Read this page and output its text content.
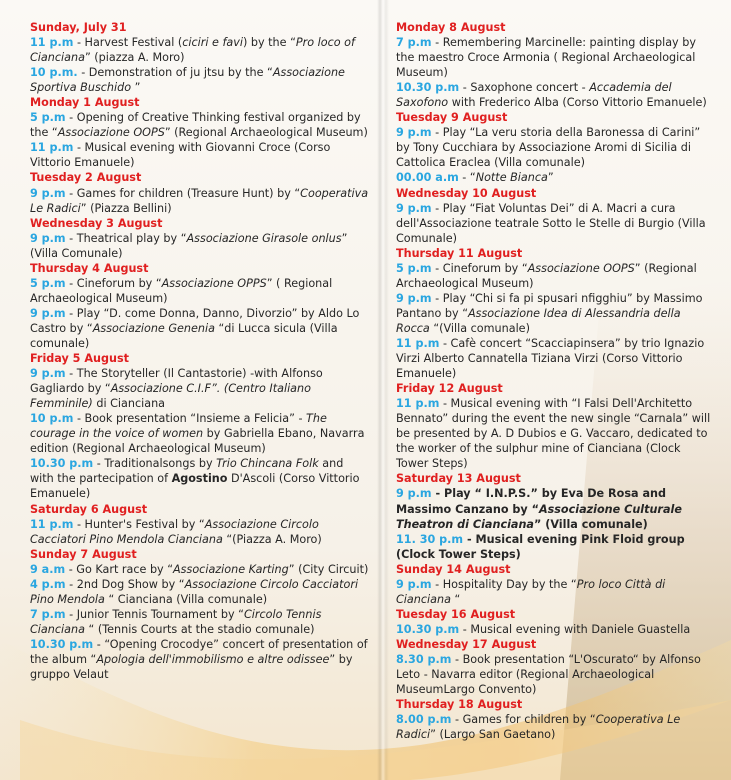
Sunday, July 31

11 p.m - Harvest Festival (ciciri e favi) by the “Pro loco of Cianciana” (piazza A. Moro)

10 p.m. - Demonstration of ju jtsu by the “Associazione Sportiva Buschido ”

Monday 1 August

5 p.m - Opening of Creative Thinking festival organized by the “Associazione OOPS” (Regional Archaeological Museum)

11 p.m - Musical evening with Giovanni Croce (Corso Vittorio Emanuele)

Tuesday 2 August

9 p.m - Games for children (Treasure Hunt) by “Cooperativa Le Radici” (Piazza Bellini)

Wednesday 3 August

9 p.m - Theatrical play by “Associazione Girasole onlus” (Villa Comunale)

Thursday 4 August

5 p.m - Cineforum by “Associazione OPPS” ( Regional Archaeological Museum)

9 p.m - Play “D. come Donna, Danno, Divorzio” by Aldo Lo Castro by “Associazione Genenia “di Lucca sicula (Villa comunale)

Friday 5 August

9 p.m - The Storyteller (Il Cantastorie) -with Alfonso Gagliardo by “Associazione C.I.F”. (Centro Italiano Femminile) di Cianciana

10 p.m - Book presentation “Insieme a Felicia” - The courage in the voice of women by Gabriella Ebano, Navarra edition (Regional Archaeological Museum)

10.30 p.m - Traditionalsongs by Trio Chincana Folk and with the partecipation of Agostino D'Ascoli (Corso Vittorio Emanuele)

Saturday 6 August

11 p.m - Hunter's Festival by “Associazione Circolo Cacciatori Pino Mendola Cianciana “(Piazza A. Moro)

Sunday 7 August

9 a.m - Go Kart race by “Associazione Karting” (City Circuit)

4 p.m - 2nd Dog Show by “Associazione Circolo Cacciatori Pino Mendola “ Cianciana (Villa comunale)

7 p.m - Junior Tennis Tournament by “Circolo Tennis Cianciana “ (Tennis Courts at the stadio comunale)

10.30 p.m - “Opening Crocodye” concert of presentation of the album “Apologia dell'immobilismo e altre odissee” by gruppo Velaut

Monday 8 August

7 p.m - Remembering Marcinelle: painting display by the maestro Croce Armonia ( Regional Archaeological Museum)

10.30 p.m - Saxophone concert - Accademia del Saxofono with Frederico Alba (Corso Vittorio Emanuele)

Tuesday 9 August

9 p.m - Play “La veru storia della Baronessa di Carini” by Tony Cucchiara by Associazione Aromi di Sicilia di Cattolica Eraclea (Villa comunale)

00.00 a.m - “Notte Bianca”

Wednesday 10 August

9 p.m - Play “Fiat Voluntas Dei” di A. Macri a cura dell'Associazione teatrale Sotto le Stelle di Burgio (Villa Comunale)

Thursday 11 August

5 p.m - Cineforum by “Associazione OOPS” (Regional Archaeological Museum)

9 p.m - Play “Chi si fa pi spusari nfigghiu” by Massimo Pantano by “Associazione Idea di Alessandria della Rocca “(Villa comunale)

11 p.m - Cafè concert “Scacciapinsera” by trio Ignazio Virzi Alberto Cannatella Tiziana Virzi (Corso Vittorio Emanuele)

Friday 12 August

11 p.m - Musical evening with “I Falsi Dell'Architetto Bennato” during the event the new single “Carnala” will be presented by A. D Dubios e G. Vaccaro, dedicated to the worker of the sulphur mine of Cianciana (Clock Tower Steps)

Saturday 13 August

9 p.m - Play “ I.N.P.S.” by Eva De Rosa and Massimo Canzano by “Associazione Culturale Theatron di Cianciana” (Villa comunale)

11. 30 p.m - Musical evening Pink Floid group (Clock Tower Steps)

Sunday 14 August

9 p.m - Hospitality Day by the “Pro loco Città di Cianciana “

Tuesday 16 August

10.30 p.m - Musical evening with Daniele Guastella

Wednesday 17 August

8.30 p.m - Book presentation “L'Oscurato“ by Alfonso Leto - Navarra editor (Regional Archaeological MuseumLargo Convento)

Thursday 18 August

8.00 p.m - Games for children by “Cooperativa Le Radici” (Largo San Gaetano)
